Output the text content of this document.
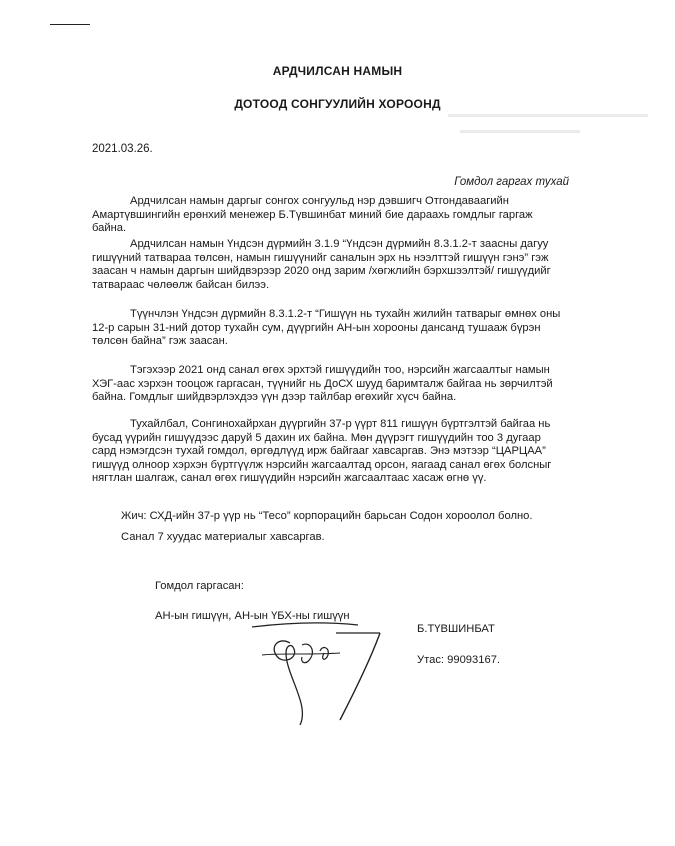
АРДЧИЛСАН НАМЫН
ДОТООД СОНГУУЛИЙН ХОРООНД
2021.03.26.
Гомдол гаргах тухай
Ардчилсан намын даргыг сонгох сонгуульд нэр дэвшигч Отгондавaaгийн Амартүвшингийн ерөнхий менежер Б.Түвшинбат миний бие дараахь гомдлыг гаргаж байна.
Ардчилсан намын Үндсэн дүрмийн 3.1.9 “Үндсэн дүрмийн 8.3.1.2-т заасны дагуу гишүүний татвараа төлсөн, намын гишүүнийг саналын эрх нь нээлттэй гишүүн гэнэ” гэж заасан ч намын даргын шийдвэрээр 2020 онд зарим /хөгжлийн бэрхшээлтэй/ гишүүдийг татвараас чөлөөлж байсан билээ.
Түүнчлэн Үндсэн дүрмийн 8.3.1.2-т “Гишүүн нь тухайн жилийн татварыг өмнөх оны 12-р сарын 31-ний дотор тухайн сум, дүүргийн АН-ын хорооны дансанд тушааж бүрэн төлсөн байна” гэж заасан.
Тэгэхээр 2021 онд санал өгөх эрхтэй гишүүдийн тоо, нэрсийн жагсаалтыг намын ХЭГ-аас хэрхэн тооцож гаргасан, түүнийг нь ДоСХ шууд баримталж байгаа нь зөрчилтэй байна. Гомдлыг шийдвэрлэхдээ үүн дээр тайлбар өгөхийг хүсч байна.
Тухайлбал, Сонгинохайрхан дүүргийн 37-р үүрт 811 гишүүн бүртгэлтэй байгаа нь бусад үүрийн гишүүдээс даруй 5 дахин их байна. Мөн дүүрэгт гишүүдийн тоо 3 дугаар сард нэмэгдсэн тухай гомдол, өргөдлүүд ирж байгааг хавсаргав. Энэ мэтээр “ЦАРЦАА” гишүүд олноор хэрхэн бүртгүүлж нэрсийн жагсаалтад орсон, яагаад санал өгөх болсныг нягтлан шалгаж, санал өгөх гишүүдийн нэрсийн жагсаалтаас хасаж өгнө үү.
Жич: СХД-ийн 37-р үүр нь “Тесо” корпорацийн барьсан Содон хороолол болно.
Санал 7 хуудас материалыг хавсаргав.
Гомдол гаргасан:
АН-ын гишүүн, АН-ын ҮБХ-ны гишүүн
Б.ТҮВШИНБАТ
Утас: 99093167.
